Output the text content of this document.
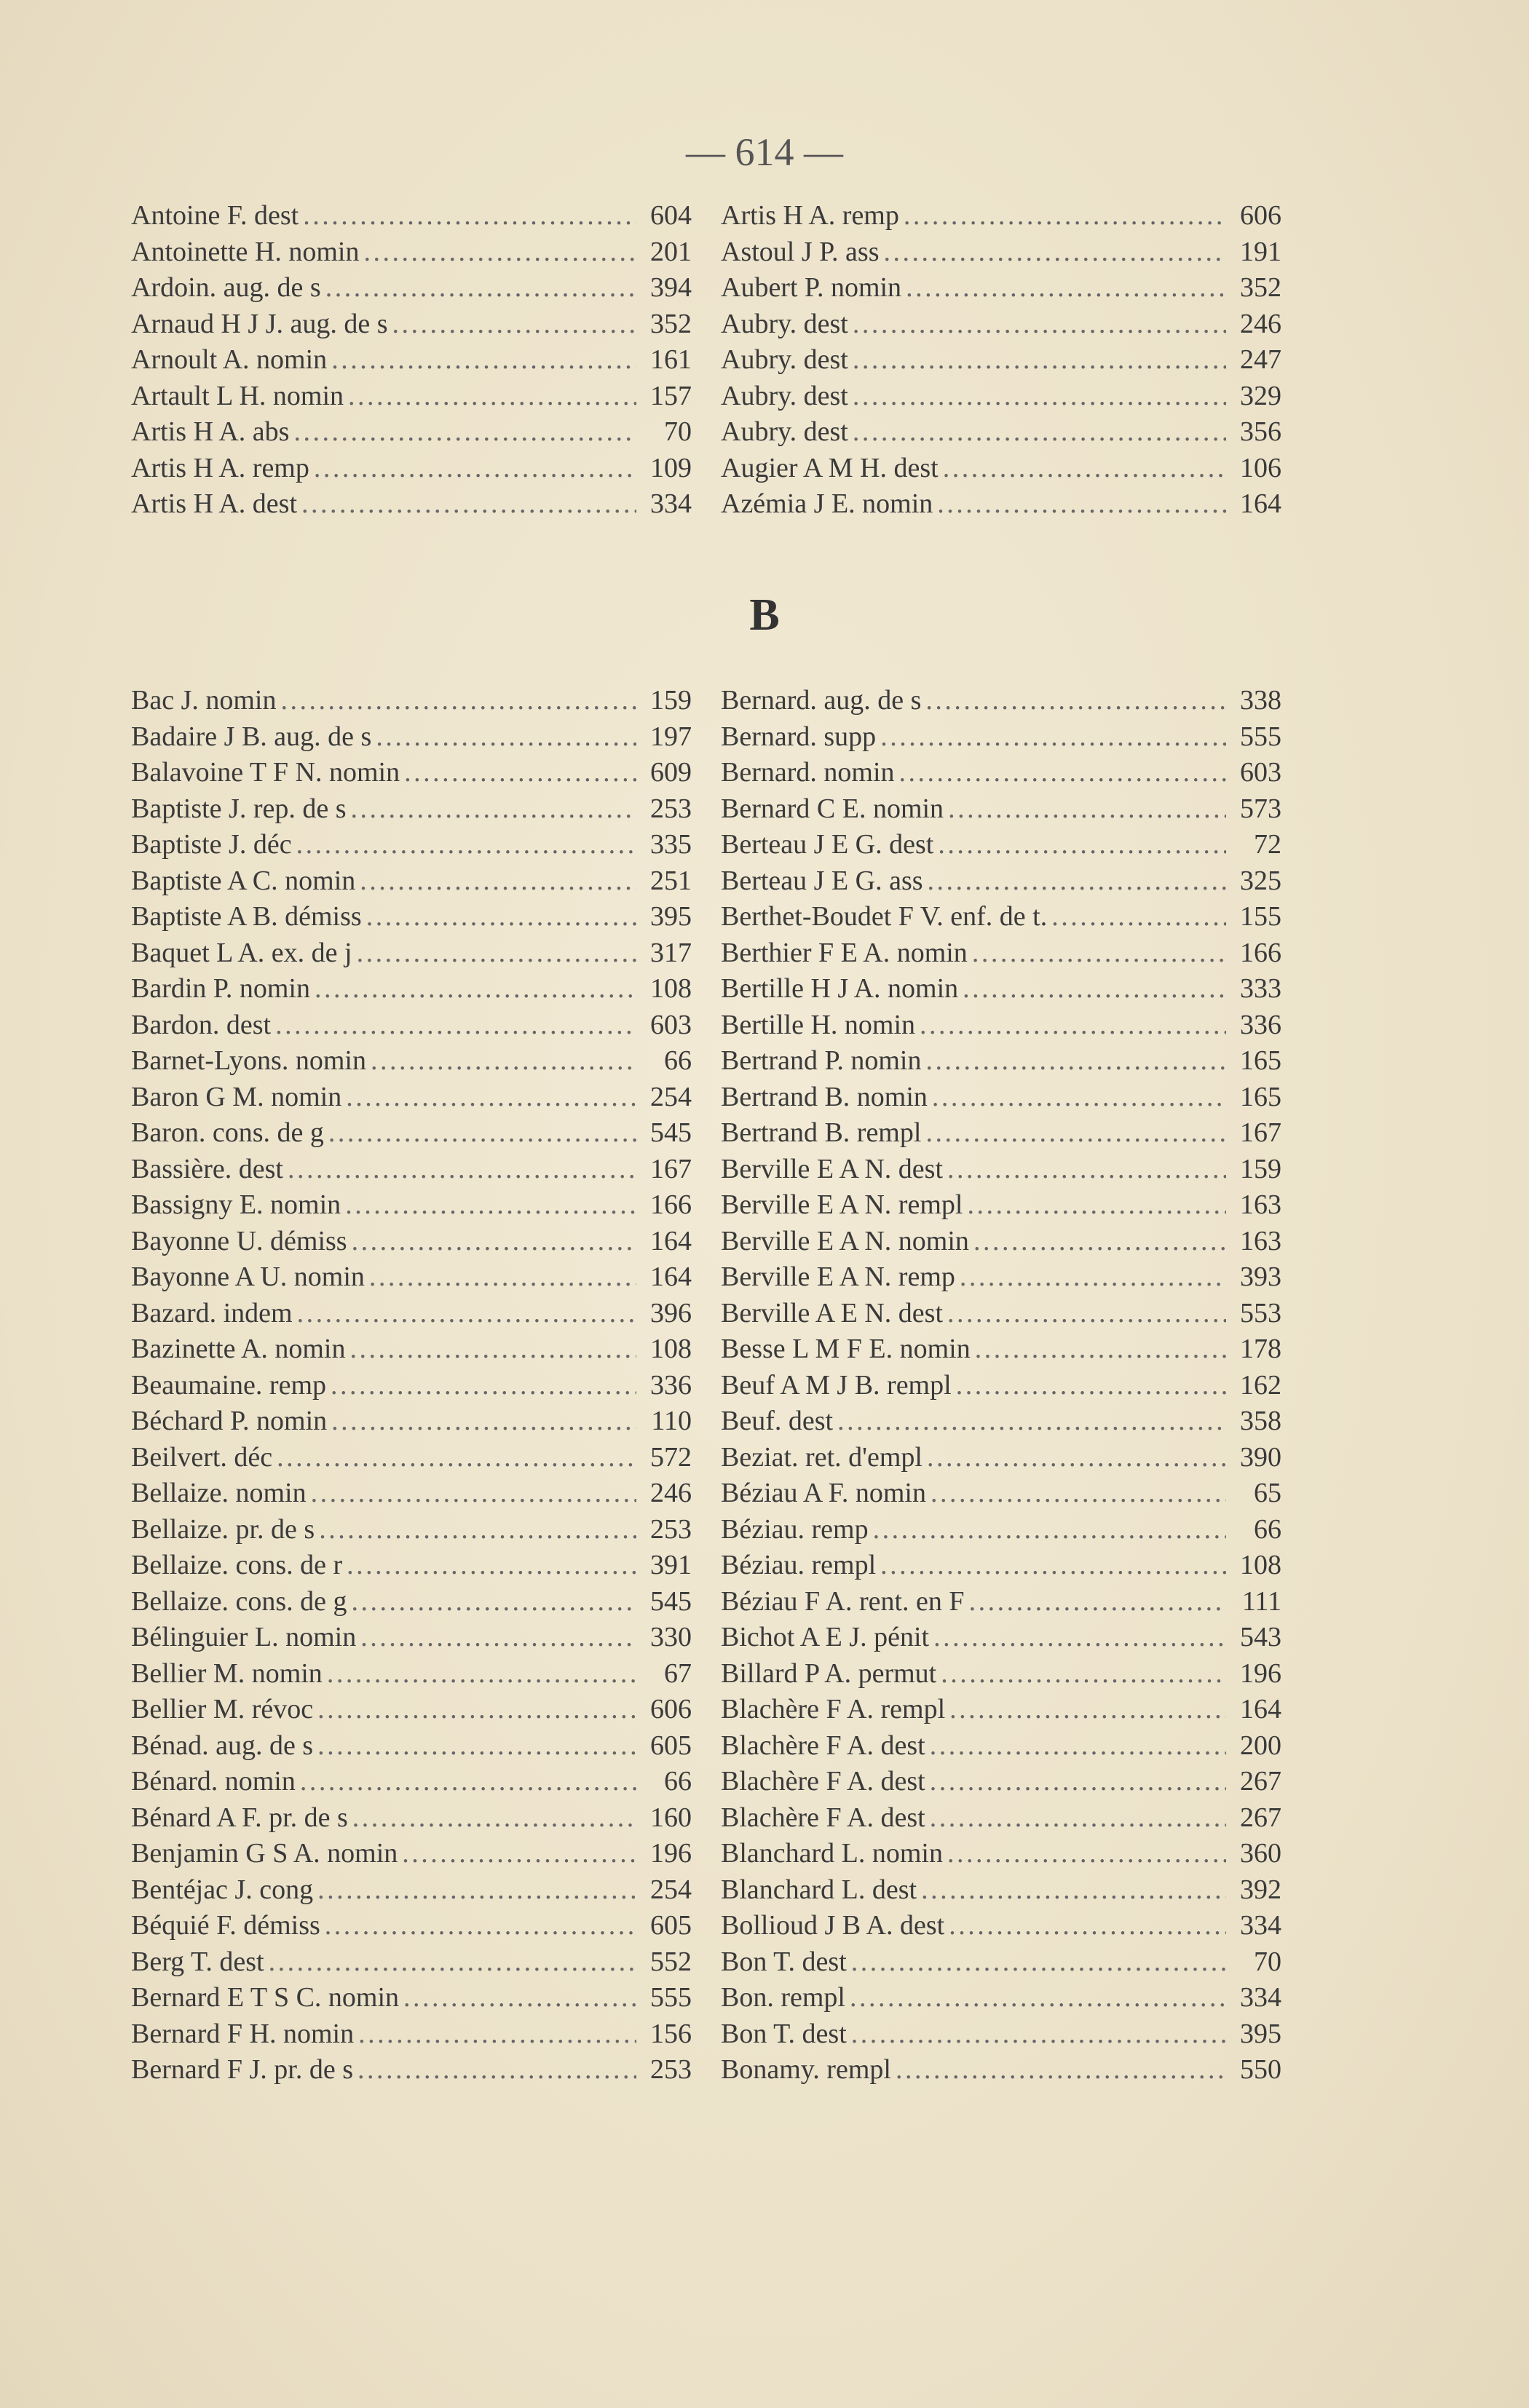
— 614 —
Antoine F. dest . . .	604
Antoinette H. nomin . . .	201
Ardoin. aug. de s . . .	394
Arnaud H J J. aug. de s . . .	352
Arnoult A. nomin . . .	161
Artault L H. nomin . . .	157
Artis H A. abs . . .	70
Artis H A. remp . . .	109
Artis H A. dest . . .	334
Artis H A. remp . . .	606
Astoul J P. ass . . .	191
Aubert P. nomin . . .	352
Aubry. dest . . .	246
Aubry. dest . . .	247
Aubry. dest . . .	329
Aubry. dest . . .	356
Augier A M H. dest . . .	106
Azémia J E. nomin . . .	164
B
Bac J. nomin . . .	159
Badaire J B. aug. de s . . .	197
Balavoine T F N. nomin . . .	609
Baptiste J. rep. de s . . .	253
Baptiste J. déc . . .	335
Baptiste A C. nomin . . .	251
Baptiste A B. démiss . . .	395
Baquet L A. ex. de j . . .	317
Bardin P. nomin . . .	108
Bardon. dest . . .	603
Barnet-Lyons. nomin . . .	66
Baron G M. nomin . . .	254
Baron. cons. de g . . .	545
Bassière. dest . . .	167
Bassigny E. nomin . . .	166
Bayonne U. démiss . . .	164
Bayonne A U. nomin . . .	164
Bazard. indem . . .	396
Bazinette A. nomin . . .	108
Beaumaine. remp . . .	336
Béchard P. nomin . . .	110
Beilvert. déc . . .	572
Bellaize. nomin . . .	246
Bellaize. pr. de s . . .	253
Bellaize. cons. de r . . .	391
Bellaize. cons. de g . . .	545
Bélinguier L. nomin . . .	330
Bellier M. nomin . . .	67
Bellier M. révoc . . .	606
Bénad. aug. de s . . .	605
Bénard. nomin . . .	66
Bénard A F. pr. de s . . .	160
Benjamin G S A. nomin . . .	196
Bentéjac J. cong . . .	254
Béquié F. démiss . . .	605
Berg T. dest . . .	552
Bernard E T S C. nomin . . .	555
Bernard F H. nomin . . .	156
Bernard F J. pr. de s . . .	253
Bernard. aug. de s . . .	338
Bernard. supp . . .	555
Bernard. nomin . . .	603
Bernard C E. nomin . . .	573
Berteau J E G. dest . . .	72
Berteau J E G. ass . . .	325
Berthet-Boudet F V. enf. de t. . . .	155
Berthier F E A. nomin . . .	166
Bertille H J A. nomin . . .	333
Bertille H. nomin . . .	336
Bertrand P. nomin . . .	165
Bertrand B. nomin . . .	165
Bertrand B. rempl . . .	167
Berville E A N. dest . . .	159
Berville E A N. rempl . . .	163
Berville E A N. nomin . . .	163
Berville E A N. remp . . .	393
Berville A E N. dest . . .	553
Besse L M F E. nomin . . .	178
Beuf A M J B. rempl . . .	162
Beuf. dest . . .	358
Beziat. ret. d'empl . . .	390
Béziau A F. nomin . . .	65
Béziau. remp . . .	66
Béziau. rempl . . .	108
Béziau F A. rent. en F . . .	111
Bichot A E J. pénit . . .	543
Billard P A. permut . . .	196
Blachère F A. rempl . . .	164
Blachère F A. dest . . .	200
Blachère F A. dest . . .	267
Blachère F A. dest . . .	267
Blanchard L. nomin . . .	360
Blanchard L. dest . . .	392
Bollioud J B A. dest . . .	334
Bon T. dest . . .	70
Bon. rempl . . .	334
Bon T. dest . . .	395
Bonamy. rempl . . .	550
